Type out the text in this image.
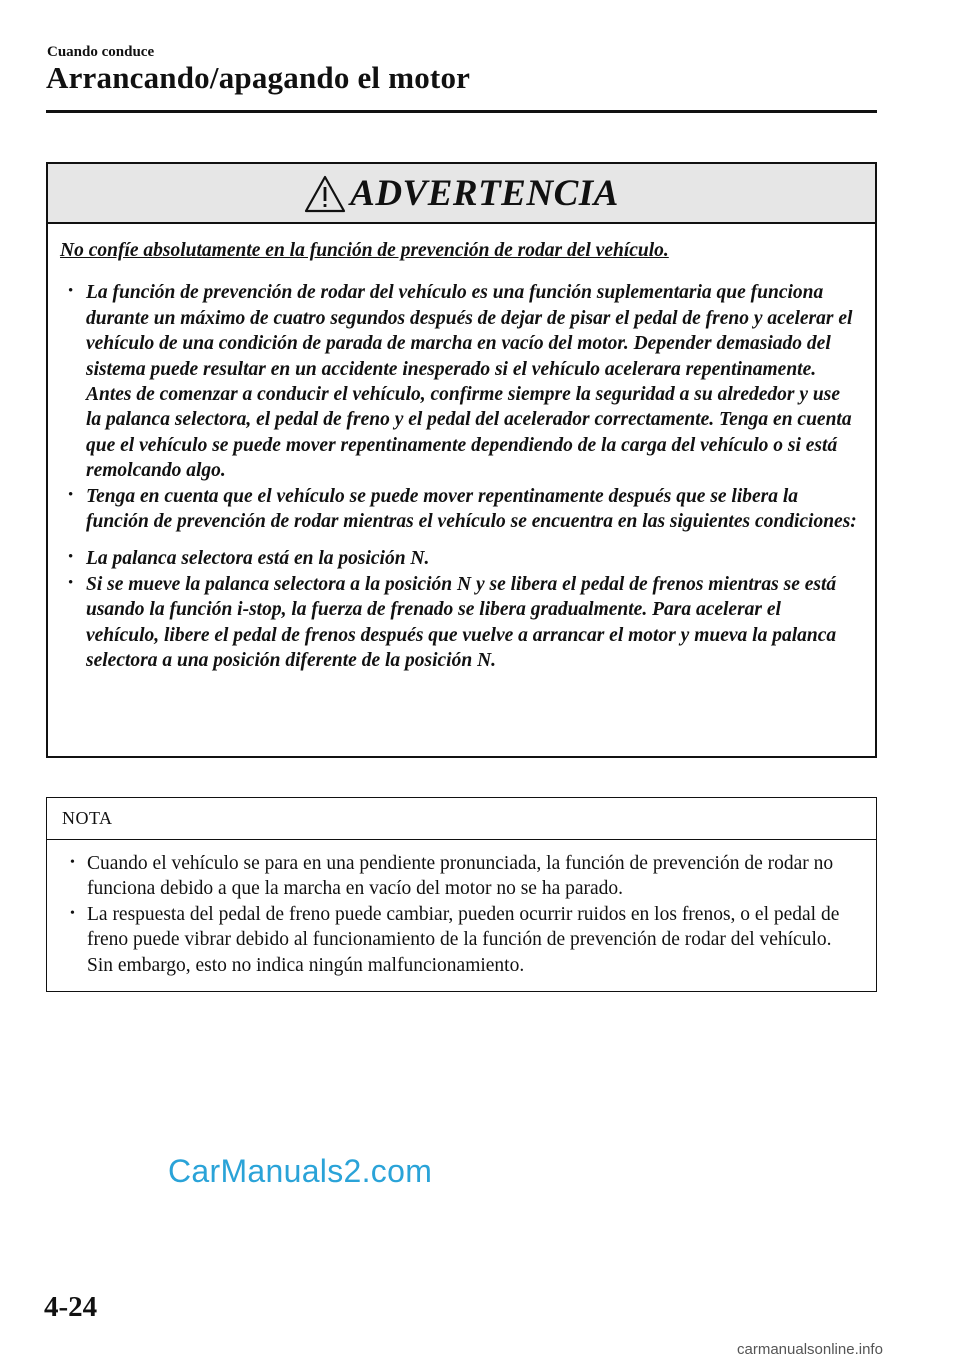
Cuando conduce
Arrancando/apagando el motor
ADVERTENCIA
No confíe absolutamente en la función de prevención de rodar del vehículo.
• La función de prevención de rodar del vehículo es una función suplementaria que funciona durante un máximo de cuatro segundos después de dejar de pisar el pedal de freno y acelerar el vehículo de una condición de parada de marcha en vacío del motor. Depender demasiado del sistema puede resultar en un accidente inesperado si el vehículo acelerara repentinamente. Antes de comenzar a conducir el vehículo, confirme siempre la seguridad a su alrededor y use la palanca selectora, el pedal de freno y el pedal del acelerador correctamente. Tenga en cuenta que el vehículo se puede mover repentinamente dependiendo de la carga del vehículo o si está remolcando algo.
• Tenga en cuenta que el vehículo se puede mover repentinamente después que se libera la función de prevención de rodar mientras el vehículo se encuentra en las siguientes condiciones:
• La palanca selectora está en la posición N.
• Si se mueve la palanca selectora a la posición N y se libera el pedal de frenos mientras se está usando la función i-stop, la fuerza de frenado se libera gradualmente. Para acelerar el vehículo, libere el pedal de frenos después que vuelve a arrancar el motor y mueva la palanca selectora a una posición diferente de la posición N.
NOTA
• Cuando el vehículo se para en una pendiente pronunciada, la función de prevención de rodar no funciona debido a que la marcha en vacío del motor no se ha parado.
• La respuesta del pedal de freno puede cambiar, pueden ocurrir ruidos en los frenos, o el pedal de freno puede vibrar debido al funcionamiento de la función de prevención de rodar del vehículo. Sin embargo, esto no indica ningún malfuncionamiento.
CarManuals2.com
4-24
carmanualsonline.info
